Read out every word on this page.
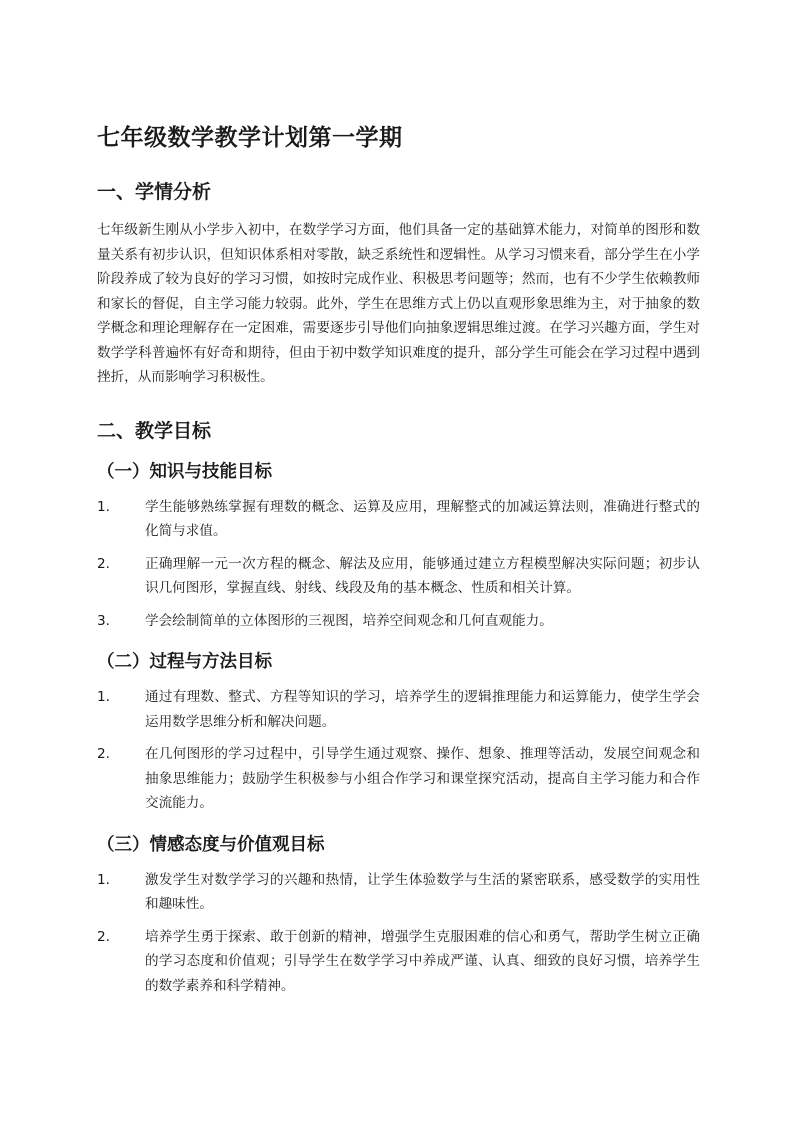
七年级数学教学计划第一学期
一、学情分析

七年级新生刚从小学步入初中，在数学学习方面，他们具备一定的基础算术能力，对简单的图形和数量关系有初步认识，但知识体系相对零散，缺乏系统性和逻辑性。从学习习惯来看，部分学生在小学阶段养成了较为良好的学习习惯，如按时完成作业、积极思考问题等；然而，也有不少学生依赖教师和家长的督促，自主学习能力较弱。此外，学生在思维方式上仍以直观形象思维为主，对于抽象的数学概念和理论理解存在一定困难，需要逐步引导他们向抽象逻辑思维过渡。在学习兴趣方面，学生对数学学科普遍怀有好奇和期待，但由于初中数学知识难度的提升，部分学生可能会在学习过程中遇到挫折，从而影响学习积极性。

二、教学目标
（一）知识与技能目标
1.	学生能够熟练掌握有理数的概念、运算及应用，理解整式的加减运算法则，准确进行整式的化简与求值。
2.	正确理解一元一次方程的概念、解法及应用，能够通过建立方程模型解决实际问题；初步认识几何图形，掌握直线、射线、线段及角的基本概念、性质和相关计算。
3.	学会绘制简单的立体图形的三视图，培养空间观念和几何直观能力。
（二）过程与方法目标
1.	通过有理数、整式、方程等知识的学习，培养学生的逻辑推理能力和运算能力，使学生学会运用数学思维分析和解决问题。
2.	在几何图形的学习过程中，引导学生通过观察、操作、想象、推理等活动，发展空间观念和抽象思维能力；鼓励学生积极参与小组合作学习和课堂探究活动，提高自主学习能力和合作交流能力。
（三）情感态度与价值观目标
1.	激发学生对数学学习的兴趣和热情，让学生体验数学与生活的紧密联系，感受数学的实用性和趣味性。
2.	培养学生勇于探索、敢于创新的精神，增强学生克服困难的信心和勇气，帮助学生树立正确的学习态度和价值观；引导学生在数学学习中养成严谨、认真、细致的良好习惯，培养学生的数学素养和科学精神。
